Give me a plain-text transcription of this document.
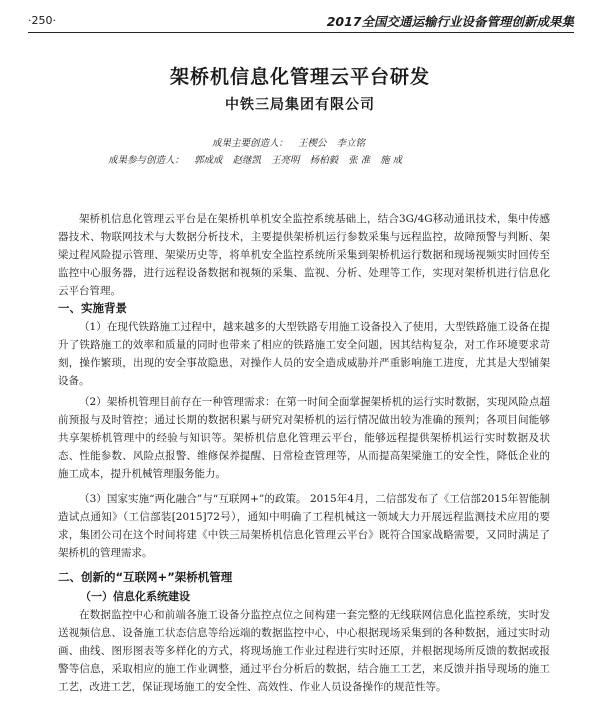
·250·	2017全国交通运输行业设备管理创新成果集
架桥机信息化管理云平台研发
中铁三局集团有限公司
成果主要创造人： 王楔公 李立铭
成果参与创造人： 郭成成 赵继凯 王亮明 杨柏毅 张 准 施 成

架桥机信息化管理云平台是在架桥机单机安全监控系统基础上，结合3G/4G移动通讯技术，集中传感器技术、物联网技术与大数据分析技术，主要提供架桥机运行参数采集与远程监控，故障预警与判断、架梁过程风险提示管理、架梁历史等，将单机安全监控系统所采集到架桥机运行数据和现场视频实时回传至监控中心服务器，进行远程设备数据和视频的采集、监视、分析、处理等工作，实现对架桥机进行信息化云平台管理。

一、实施背景

（1）在现代铁路施工过程中，越来越多的大型铁路专用施工设备投入了使用，大型铁路施工设备在提升了铁路施工的效率和质量的同时也带来了相应的铁路施工安全问题，因其结构复杂，对工作环境要求苛刻，操作繁琐，出现的安全事故隐患，对操作人员的安全造成威胁并严重影响施工进度，尤其是大型铺架设备。

（2）架桥机管理目前存在一种管理需求：在第一时间全面掌握架桥机的运行实时数据，实现风险点超前预报与及时管控；通过长期的数据积累与研究对架桥机的运行情况做出较为准确的预判；各项目间能够共享架桥机管理中的经验与知识等。架桥机信息化管理云平台，能够远程提供架桥机运行实时数据及状态、性能参数、风险点报警、维修保养提醒、日常检查管理等，从而提高架梁施工的安全性，降低企业的施工成本，提升机械管理服务能力。

（3）国家实施“两化融合”与“互联网+”的政策。 2015年4月，二信部发布了《工信部2015年智能制造试点通知》（工信部装[2015]72号），通知中明确了工程机械这一领域大力开展远程监测技术应用的要求，集团公司在这个时间将建《中铁三局架桥机信息化管理云平台》既符合国家战略需要，又同时满足了架桥机的管理需求。

二、创新的“互联网+”架桥机管理
（一）信息化系统建设

在数据监控中心和前端各施工设备分监控点位之间构建一套完整的无线联网信息化监控系统，实时发送视频信息、设备施工状态信息等给远端的数据监控中心，中心根据现场采集到的各种数据，通过实时动画、曲线、图形图表等多样化的方式，将现场施工作业过程进行实时还原，并根据现场所反馈的数据或报警等信息，采取相应的施工作业调整，通过平台分析后的数据，结合施工工艺，来反馈并指导现场的施工工艺，改进工艺，保证现场施工的安全性、高效性、作业人员设备操作的规范性等。
